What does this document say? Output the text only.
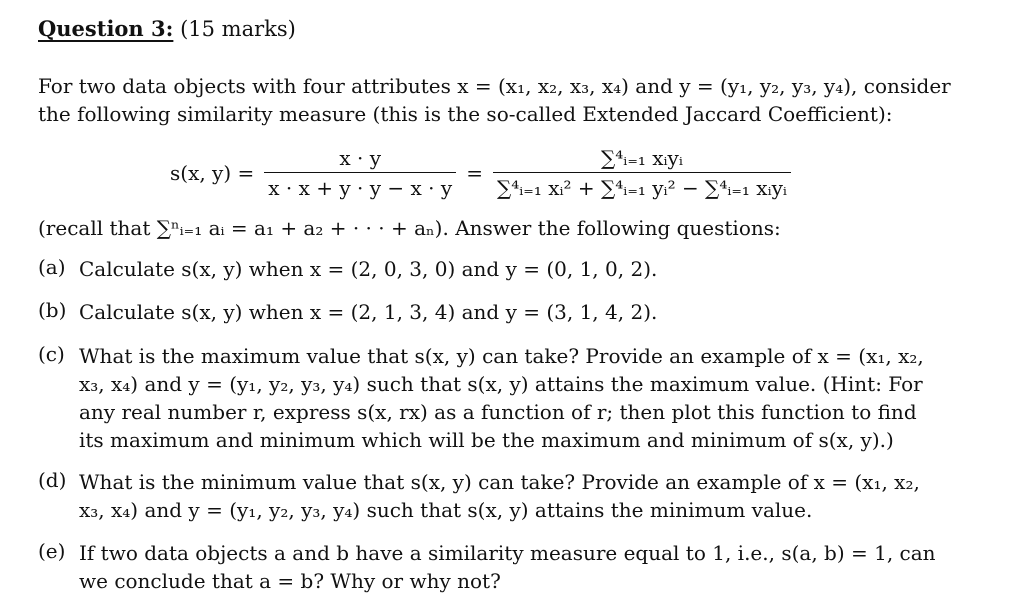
Question 3: (15 marks)
For two data objects with four attributes x = (x₁, x₂, x₃, x₄) and y = (y₁, y₂, y₃, y₄), consider
the following similarity measure (this is the so-called Extended Jaccard Coefficient):
s(x, $y) = \frac{x \cdot y}{x \cdot x + y \cdot y - x \cdot y} = \frac{\text{∑⁴ᵢ₌₁ xᵢyᵢ}}{\text{∑⁴ᵢ₌₁ xᵢ² + ∑⁴ᵢ₌₁ yᵢ² − ∑⁴ᵢ₌₁ xᵢyᵢ}}$
(recall that ∑ⁿᵢ₌₁ aᵢ = a₁ + a₂ + · · · + aₙ). Answer the following questions:
(a) Calculate s(x, y) when x = (2, 0, 3, 0) and y = (0, 1, 0, 2).
(b) Calculate s(x, y) when x = (2, 1, 3, 4) and y = (3, 1, 4, 2).
(c) What is the maximum value that s(x, y) can take? Provide an example of x = (x₁, x₂, x₃, x₄) and y = (y₁, y₂, y₃, y₄) such that s(x, y) attains the maximum value. (Hint: For any real number r, express s(x, rx) as a function of r; then plot this function to find its maximum and minimum which will be the maximum and minimum of s(x, y).)
(d) What is the minimum value that s(x, y) can take? Provide an example of x = (x₁, x₂, x₃, x₄) and y = (y₁, y₂, y₃, y₄) such that s(x, y) attains the minimum value.
(e) If two data objects a and b have a similarity measure equal to 1, i.e., s(a, b) = 1, can we conclude that a = b? Why or why not?
